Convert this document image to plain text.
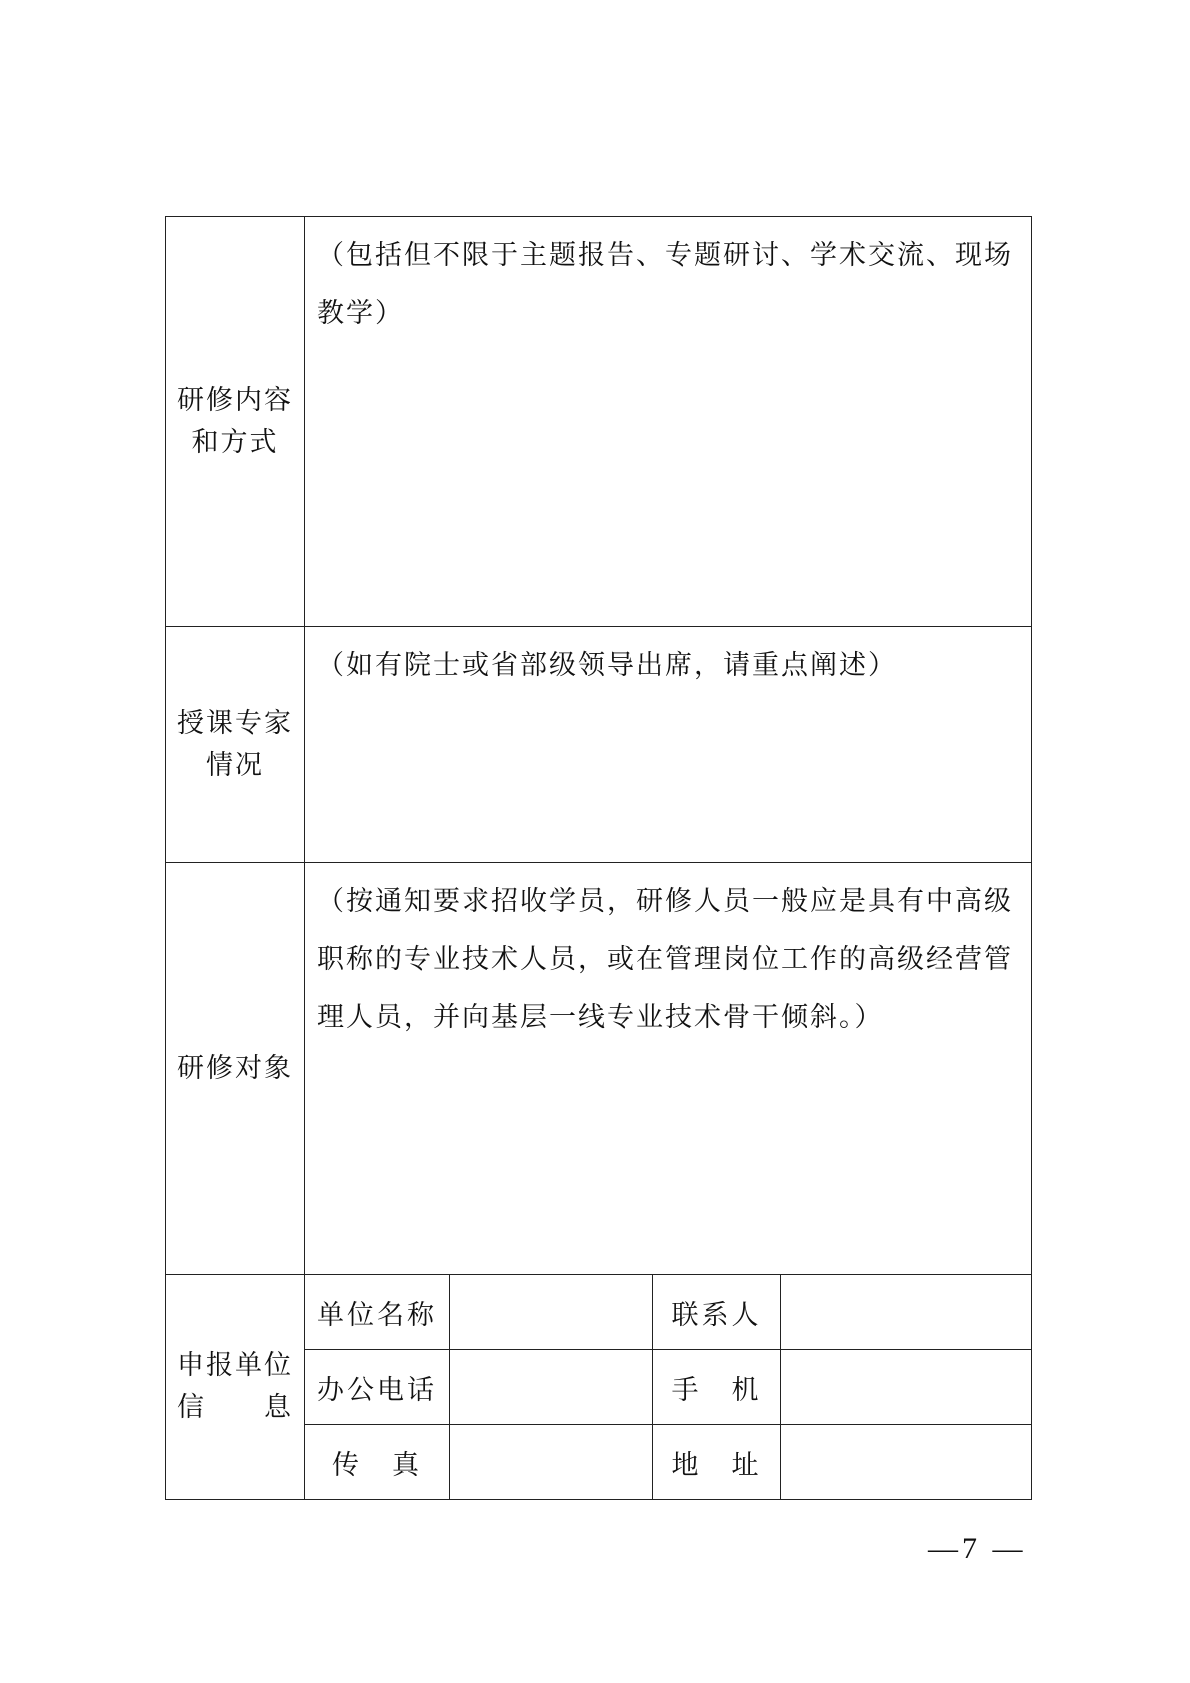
研修内容
和方式	（包括但不限于主题报告、专题研讨、学术交流、现场教学）			

授课专家
情况	（如有院士或省部级领导出席，请重点阐述）			

研修对象	（按通知要求招收学员，研修人员一般应是具有中高级职称的专业技术人员，或在管理岗位工作的高级经营管理人员，并向基层一线专业技术骨干倾斜。）			

申报单位
信　　息	单位名称		联系人	
	办公电话		手　机	
	传　真		地　址	
—7 —
